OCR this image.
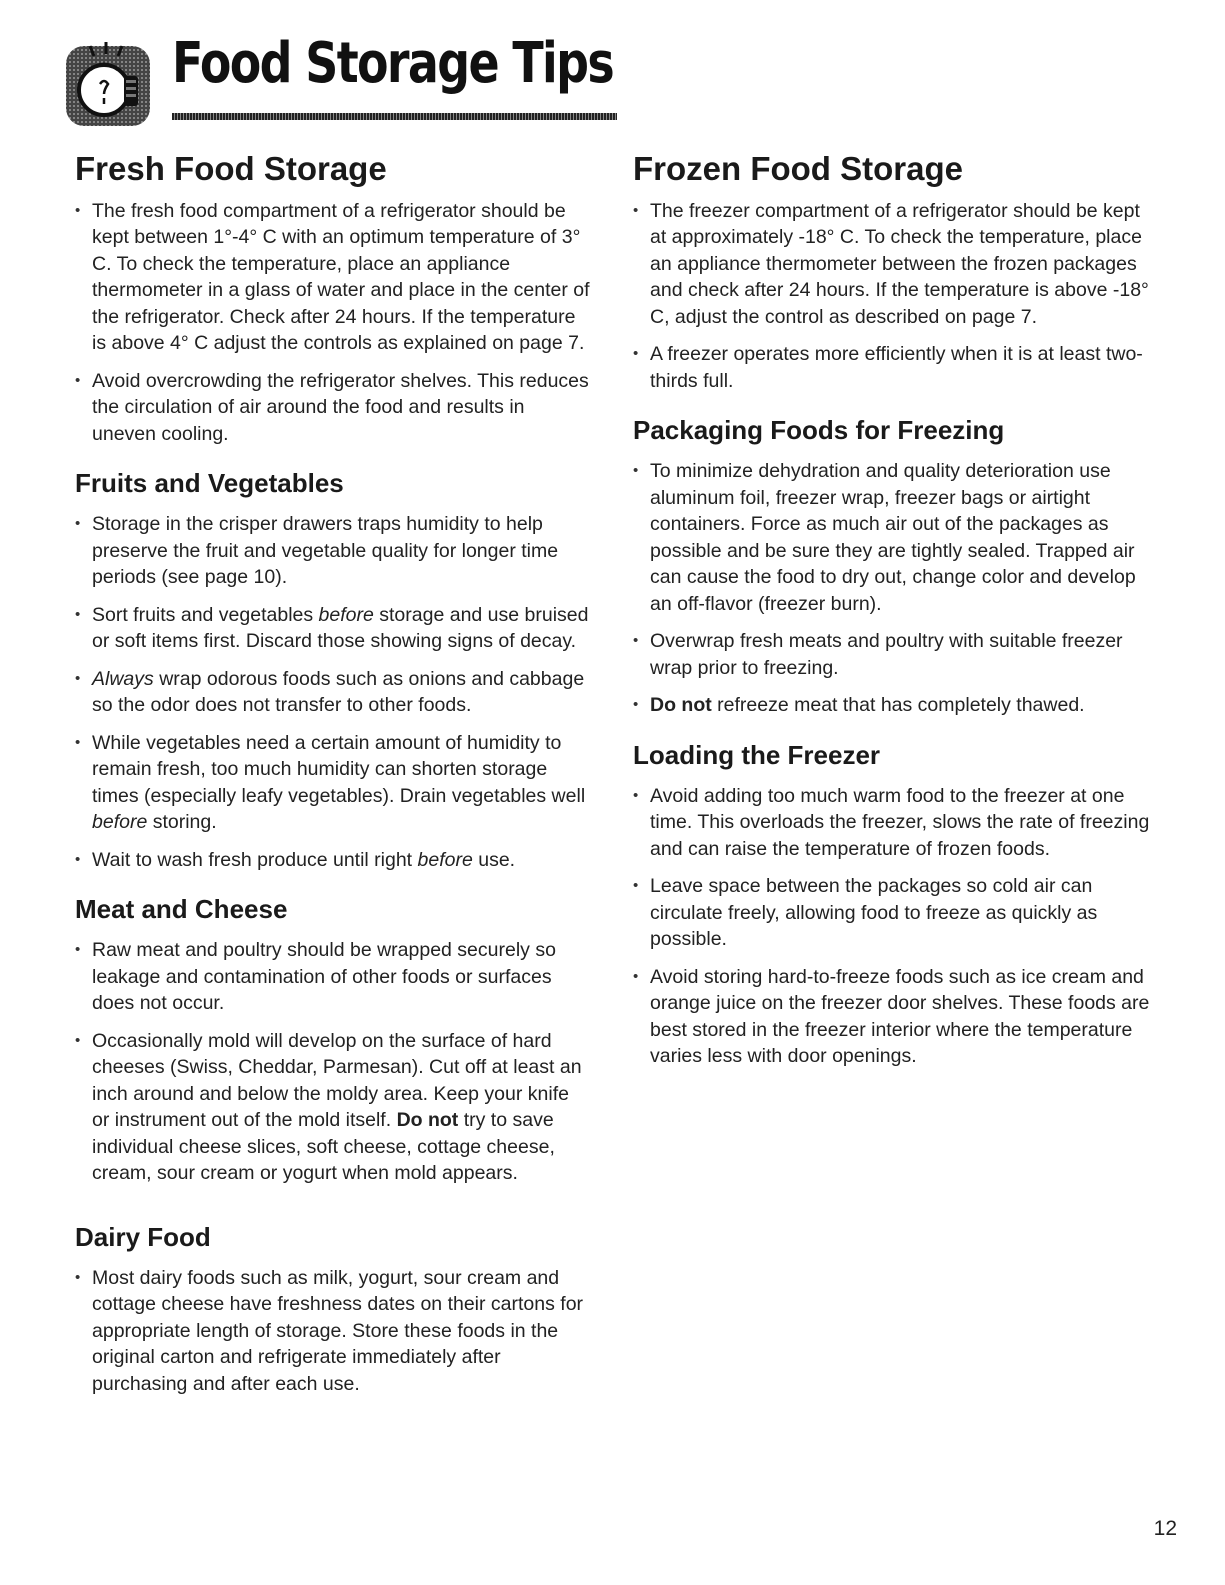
Food Storage Tips
Fresh Food Storage
• The fresh food compartment of a refrigerator should be kept between 1°-4° C with an optimum temperature of 3° C. To check the temperature, place an appliance thermometer in a glass of water and place in the center of the refrigerator. Check after 24 hours. If the temperature is above 4° C adjust the controls as explained on page 7.
• Avoid overcrowding the refrigerator shelves. This reduces the circulation of air around the food and results in uneven cooling.
Fruits and Vegetables
• Storage in the crisper drawers traps humidity to help preserve the fruit and vegetable quality for longer time periods (see page 10).
• Sort fruits and vegetables before storage and use bruised or soft items first. Discard those showing signs of decay.
• Always wrap odorous foods such as onions and cabbage so the odor does not transfer to other foods.
• While vegetables need a certain amount of humidity to remain fresh, too much humidity can shorten storage times (especially leafy vegetables). Drain vegetables well before storing.
• Wait to wash fresh produce until right before use.
Meat and Cheese
• Raw meat and poultry should be wrapped securely so leakage and contamination of other foods or surfaces does not occur.
• Occasionally mold will develop on the surface of hard cheeses (Swiss, Cheddar, Parmesan). Cut off at least an inch around and below the moldy area. Keep your knife or instrument out of the mold itself. Do not try to save individual cheese slices, soft cheese, cottage cheese, cream, sour cream or yogurt when mold appears.
Dairy Food
• Most dairy foods such as milk, yogurt, sour cream and cottage cheese have freshness dates on their cartons for appropriate length of storage. Store these foods in the original carton and refrigerate immediately after purchasing and after each use.
Frozen Food Storage
• The freezer compartment of a refrigerator should be kept at approximately -18° C. To check the temperature, place an appliance thermometer between the frozen packages and check after 24 hours. If the temperature is above -18° C, adjust the control as described on page 7.
• A freezer operates more efficiently when it is at least two-thirds full.
Packaging Foods for Freezing
• To minimize dehydration and quality deterioration use aluminum foil, freezer wrap, freezer bags or airtight containers. Force as much air out of the packages as possible and be sure they are tightly sealed. Trapped air can cause the food to dry out, change color and develop an off-flavor (freezer burn).
• Overwrap fresh meats and poultry with suitable freezer wrap prior to freezing.
• Do not refreeze meat that has completely thawed.
Loading the Freezer
• Avoid adding too much warm food to the freezer at one time. This overloads the freezer, slows the rate of freezing and can raise the temperature of frozen foods.
• Leave space between the packages so cold air can circulate freely, allowing food to freeze as quickly as possible.
• Avoid storing hard-to-freeze foods such as ice cream and orange juice on the freezer door shelves. These foods are best stored in the freezer interior where the temperature varies less with door openings.
12
